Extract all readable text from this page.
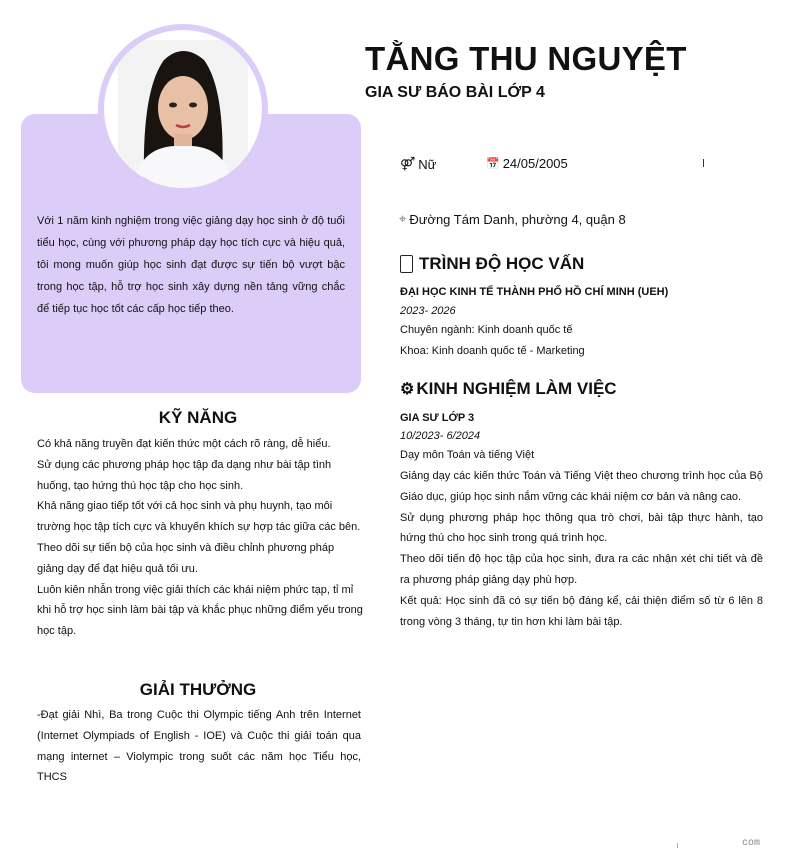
Với 1 năm kinh nghiệm trong việc giảng dạy học sinh ở độ tuổi tiểu học, cùng với phương pháp dạy học tích cực và hiệu quả, tôi mong muốn giúp học sinh đạt được sự tiến bộ vượt bậc trong học tập, hỗ trợ học sinh xây dựng nền tảng vững chắc để tiếp tục học tốt các cấp học tiếp theo.
TẰNG THU NGUYỆT
GIA SƯ BÁO BÀI LỚP 4
⚤ Nữ	📅 24/05/2005
⌖ Đường Tám Danh, phường 4, quận 8
TRÌNH ĐỘ HỌC VẤN
ĐẠI HỌC KINH TẾ THÀNH PHỐ HỒ CHÍ MINH (UEH)
2023- 2026
Chuyên ngành: Kinh doanh quốc tế
Khoa: Kinh doanh quốc tế - Marketing
⚙ KINH NGHIỆM LÀM VIỆC
GIA SƯ LỚP 3
10/2023- 6/2024
Dạy môn Toán và tiếng Việt
Giảng dạy các kiến thức Toán và Tiếng Việt theo chương trình học của Bộ Giáo dục, giúp học sinh nắm vững các khái niệm cơ bản và nâng cao.
Sử dụng phương pháp học thông qua trò chơi, bài tập thực hành, tạo hứng thú cho học sinh trong quá trình học.
Theo dõi tiến độ học tập của học sinh, đưa ra các nhận xét chi tiết và đề ra phương pháp giảng dạy phù hợp.
Kết quả: Học sinh đã có sự tiến bộ đáng kể, cải thiện điểm số từ 6 lên 8 trong vòng 3 tháng, tự tin hơn khi làm bài tập.
KỸ NĂNG
Có khả năng truyền đạt kiến thức một cách rõ ràng, dễ hiểu.
Sử dụng các phương pháp học tập đa dạng như bài tập tình huống, tạo hứng thú học tập cho học sinh.
Khả năng giao tiếp tốt với cả học sinh và phụ huynh, tạo môi trường học tập tích cực và khuyến khích sự hợp tác giữa các bên.
Theo dõi sự tiến bộ của học sinh và điều chỉnh phương pháp giảng dạy để đạt hiệu quả tối ưu.
Luôn kiên nhẫn trong việc giải thích các khái niệm phức tạp, tỉ mỉ khi hỗ trợ học sinh làm bài tập và khắc phục những điểm yếu trong học tập.
GIẢI THƯỞNG
-Đạt giải Nhì, Ba trong Cuộc thi Olympic tiếng Anh trên Internet (Internet Olympiads of English - IOE) và Cuộc thi giải toán qua mạng internet – Violympic trong suốt các năm học Tiểu học, THCS
com
